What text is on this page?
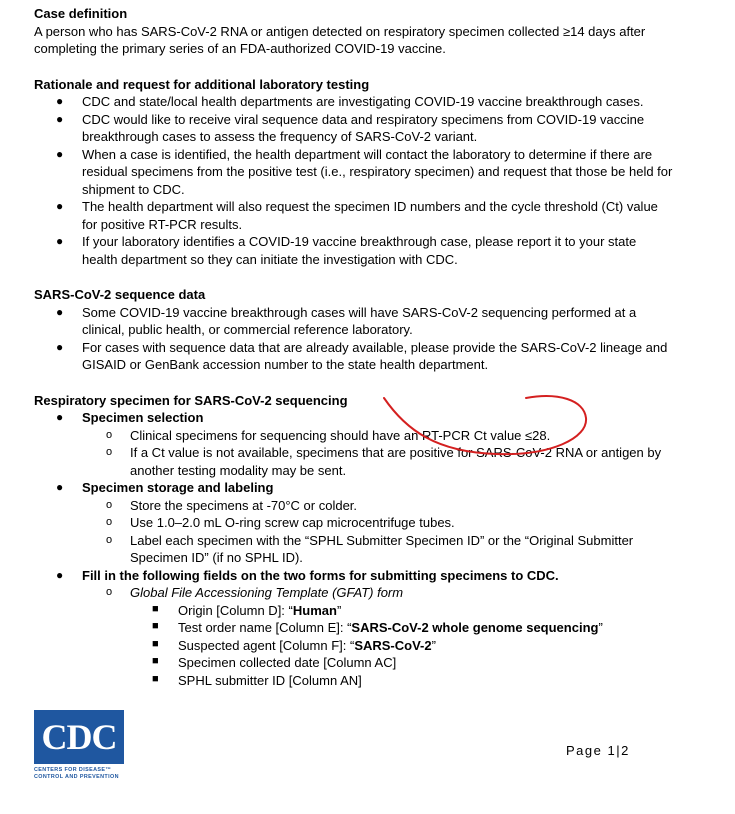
Case definition

A person who has SARS-CoV-2 RNA or antigen detected on respiratory specimen collected ≥14 days after completing the primary series of an FDA-authorized COVID-19 vaccine.

Rationale and request for additional laboratory testing
● CDC and state/local health departments are investigating COVID-19 vaccine breakthrough cases.
● CDC would like to receive viral sequence data and respiratory specimens from COVID-19 vaccine breakthrough cases to assess the frequency of SARS-CoV-2 variant.
● When a case is identified, the health department will contact the laboratory to determine if there are residual specimens from the positive test (i.e., respiratory specimen) and request that those be held for shipment to CDC.
● The health department will also request the specimen ID numbers and the cycle threshold (Ct) value for positive RT-PCR results.
● If your laboratory identifies a COVID-19 vaccine breakthrough case, please report it to your state health department so they can initiate the investigation with CDC.
SARS-CoV-2 sequence data
● Some COVID-19 vaccine breakthrough cases will have SARS-CoV-2 sequencing performed at a clinical, public health, or commercial reference laboratory.
● For cases with sequence data that are already available, please provide the SARS-CoV-2 lineage and GISAID or GenBank accession number to the state health department.
Respiratory specimen for SARS-CoV-2 sequencing
● Specimen selection
o Clinical specimens for sequencing should have an RT-PCR Ct value ≤28.
o If a Ct value is not available, specimens that are positive for SARS-CoV-2 RNA or antigen by another testing modality may be sent.
● Specimen storage and labeling
o Store the specimens at -70°C or colder.
o Use 1.0–2.0 mL O-ring screw cap microcentrifuge tubes.
o Label each specimen with the “SPHL Submitter Specimen ID” or the “Original Submitter Specimen ID” (if no SPHL ID).
● Fill in the following fields on the two forms for submitting specimens to CDC.
o Global File Accessioning Template (GFAT) form
■ Origin [Column D]: “Human”
■ Test order name [Column E]: “SARS-CoV-2 whole genome sequencing”
■ Suspected agent [Column F]: “SARS-CoV-2”
■ Specimen collected date [Column AC]
■ SPHL submitter ID [Column AN]
CDC
CENTERS FOR DISEASE™
CONTROL AND PREVENTION
Page 1|2
